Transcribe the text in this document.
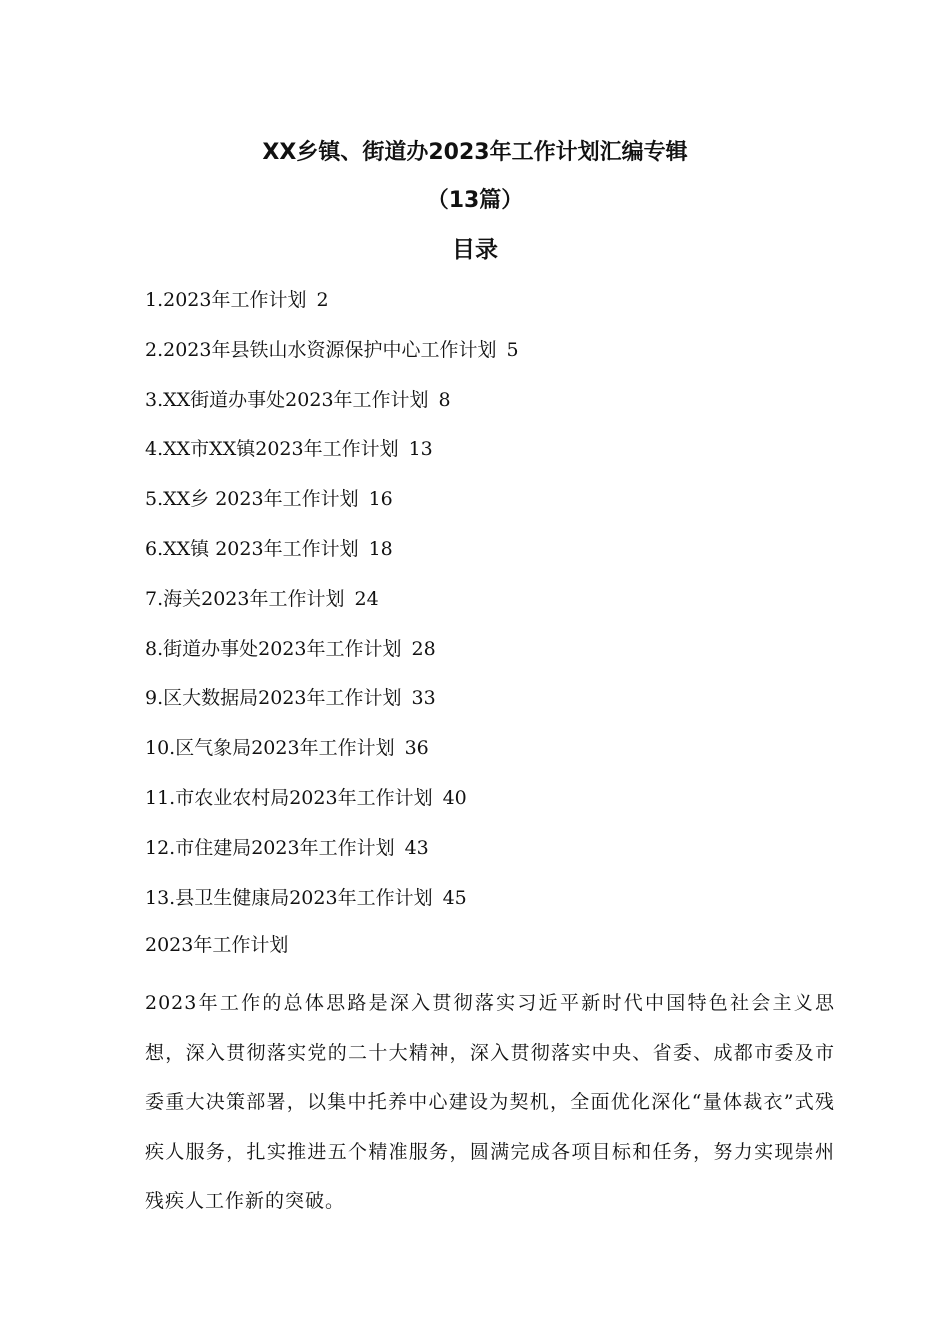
XX乡镇、街道办2023年工作计划汇编专辑
（13篇）
目录
1.2023年工作计划 2
2.2023年县铁山水资源保护中心工作计划 5
3.XX街道办事处2023年工作计划 8
4.XX市XX镇2023年工作计划 13
5.XX乡 2023年工作计划 16
6.XX镇 2023年工作计划 18
7.海关2023年工作计划 24
8.街道办事处2023年工作计划 28
9.区大数据局2023年工作计划 33
10.区气象局2023年工作计划 36
11.市农业农村局2023年工作计划 40
12.市住建局2023年工作计划 43
13.县卫生健康局2023年工作计划 45
2023年工作计划

2023年工作的总体思路是深入贯彻落实习近平新时代中国特色社会主义思想，深入贯彻落实党的二十大精神，深入贯彻落实中央、省委、成都市委及市委重大决策部署，以集中托养中心建设为契机，全面优化深化“量体裁衣”式残疾人服务，扎实推进五个精准服务，圆满完成各项目标和任务，努力实现崇州残疾人工作新的突破。
